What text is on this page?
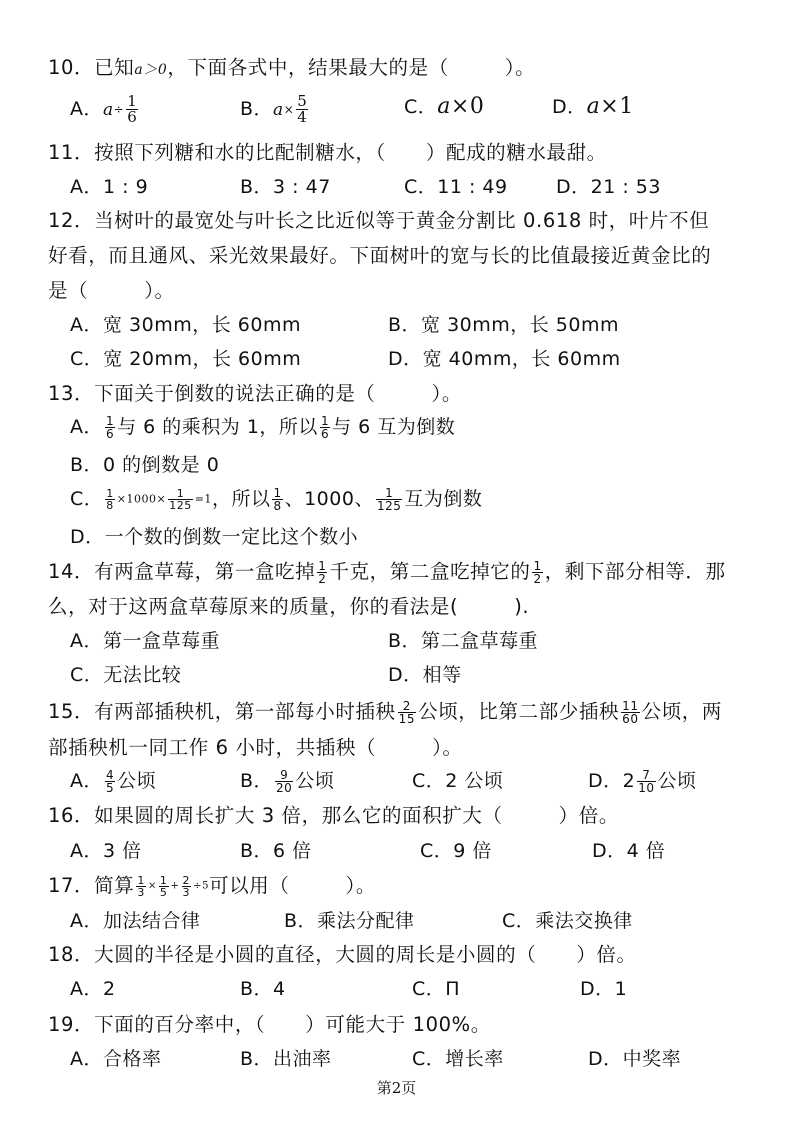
10．已知a＞0，下面各式中，结果最大的是（	）。
A．$a\div \frac{1}{6}$	B．$a\times \frac{5}{4}$	C．a×0	D．a×1
11．按照下列糖和水的比配制糖水，（ ）配成的糖水最甜。
A．1 : 9	B．3 : 47	C．11 : 49	D．21 : 53
12．当树叶的最宽处与叶长之比近似等于黄金分割比 0.618 时，叶片不但
好看，而且通风、采光效果最好。下面树叶的宽与长的比值最接近黄金比的
是（	）。
A．宽 30mm，长 60mm	B．宽 30mm，长 50mm
C．宽 20mm，长 60mm	D．宽 40mm，长 60mm
13．下面关于倒数的说法正确的是（	）。
A． $\frac{1}{6}$ 与 6 的乘积为 1，所以 $\frac{1}{6}$ 与 6 互为倒数
B．0 的倒数是 0
C． $\frac{1}{8} \times 1000\times \frac{1}{125} =1$，所以 $\frac{1}{8}$ 、1000、 $\frac{1}{125}$ 互为倒数
D．一个数的倒数一定比这个数小
14．有两盒草莓，第一盒吃掉 $\frac{1}{2}$ 千克，第二盒吃掉它的 $\frac{1}{2}$ ，剩下部分相等．那
么，对于这两盒草莓原来的质量，你的看法是(	).
A．第一盒草莓重	B．第二盒草莓重
C．无法比较	D．相等
15．有两部插秧机，第一部每小时插秧 $\frac{2}{15}$ 公顷，比第二部少插秧 $\frac{11}{60}$ 公顷，两
部插秧机一同工作 6 小时，共插秧（	）。
A． $\frac{4}{5}$ 公顷	B． $\frac{9}{20}$ 公顷	C．2 公顷	D．$2 \frac{7}{10}$ 公顷
16．如果圆的周长扩大 3 倍，那么它的面积扩大（	）倍。
A．3 倍	B．6 倍	C．9 倍	D．4 倍
17．简算 $\frac{1}{3} \times \frac{1}{5} + \frac{2}{3} \div 5$可以用（	）。
A．加法结合律	B．乘法分配律	C．乘法交换律
18．大圆的半径是小圆的直径，大圆的周长是小圆的（ ）倍。
A．2	B．4	C．Π	D．1
19．下面的百分率中，（ ）可能大于 100%。
A．合格率	B．出油率	C．增长率	D．中奖率
第2页
